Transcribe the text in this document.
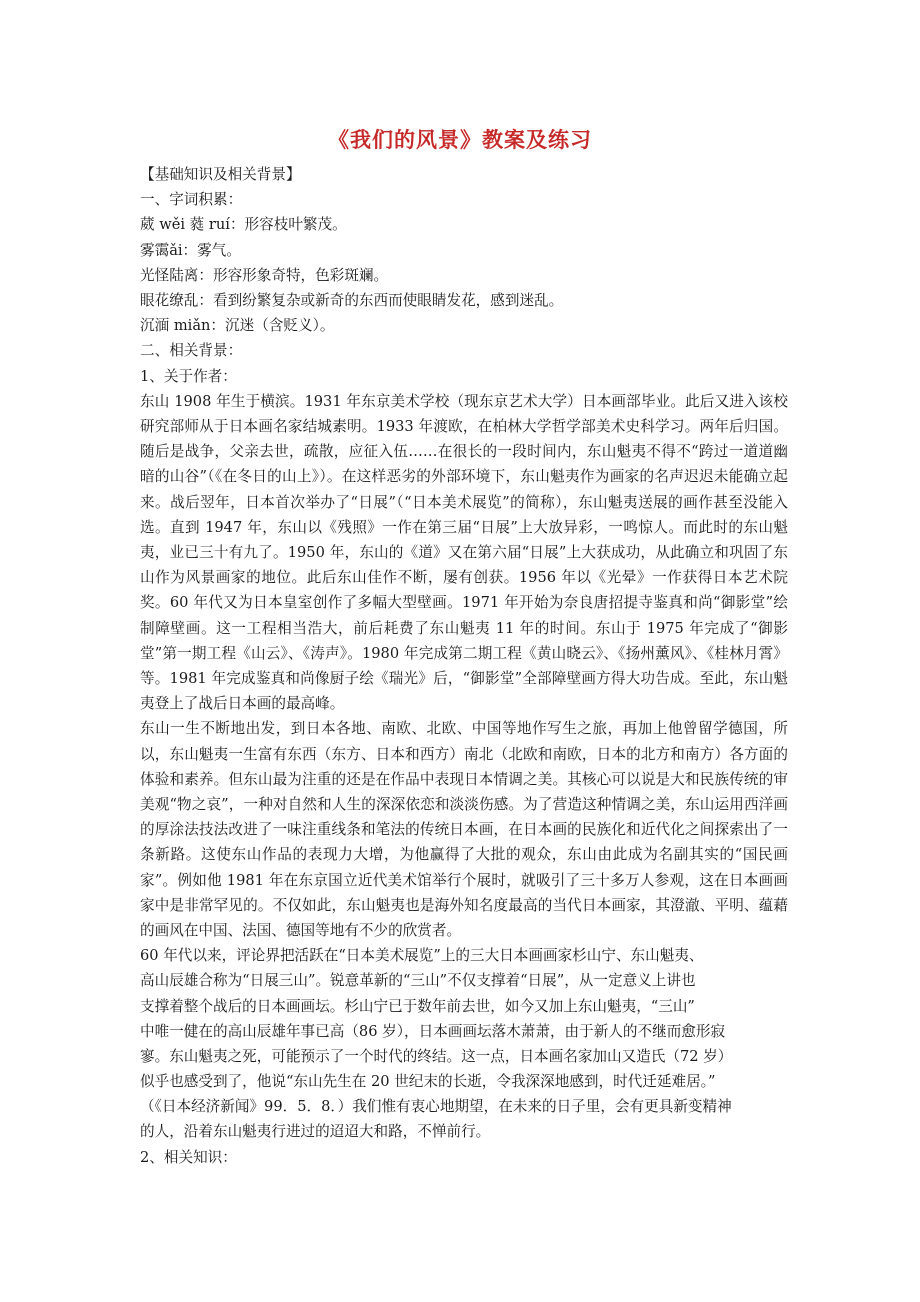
《我们的风景》教案及练习
【基础知识及相关背景】
一、字词积累：
葳 wěi 蕤 ruí：形容枝叶繁茂。
雾霭ǎi：雾气。
光怪陆离：形容形象奇特，色彩斑斓。
眼花缭乱：看到纷繁复杂或新奇的东西而使眼睛发花，感到迷乱。
沉湎 miǎn：沉迷（含贬义）。
二、相关背景：
1、关于作者：
东山 1908 年生于横滨。1931 年东京美术学校（现东京艺术大学）日本画部毕业。此后又进入该校研究部师从于日本画名家结城素明。1933 年渡欧，在柏林大学哲学部美术史科学习。两年后归国。随后是战争，父亲去世，疏散，应征入伍……在很长的一段时间内，东山魁夷不得不“跨过一道道幽暗的山谷”（《在冬日的山上》）。在这样恶劣的外部环境下，东山魁夷作为画家的名声迟迟未能确立起来。战后翌年，日本首次举办了“日展”（“日本美术展览”的简称），东山魁夷送展的画作甚至没能入选。直到 1947 年，东山以《残照》一作在第三届“日展”上大放异彩，一鸣惊人。而此时的东山魁夷，业已三十有九了。1950 年，东山的《道》又在第六届“日展”上大获成功，从此确立和巩固了东山作为风景画家的地位。此后东山佳作不断，屡有创获。1956 年以《光晕》一作获得日本艺术院奖。60 年代又为日本皇室创作了多幅大型壁画。1971 年开始为奈良唐招提寺鉴真和尚“御影堂”绘制障壁画。这一工程相当浩大，前后耗费了东山魁夷 11 年的时间。东山于 1975 年完成了“御影堂”第一期工程《山云》、《涛声》。1980 年完成第二期工程《黄山晓云》、《扬州薰风》、《桂林月霄》等。1981 年完成鉴真和尚像厨子绘《瑞光》后，“御影堂”全部障壁画方得大功告成。至此，东山魁夷登上了战后日本画的最高峰。
东山一生不断地出发，到日本各地、南欧、北欧、中国等地作写生之旅，再加上他曾留学德国，所以，东山魁夷一生富有东西（东方、日本和西方）南北（北欧和南欧，日本的北方和南方）各方面的体验和素养。但东山最为注重的还是在作品中表现日本情调之美。其核心可以说是大和民族传统的审美观“物之哀”，一种对自然和人生的深深依恋和淡淡伤感。为了营造这种情调之美，东山运用西洋画的厚涂法技法改进了一味注重线条和笔法的传统日本画，在日本画的民族化和近代化之间探索出了一条新路。这使东山作品的表现力大增，为他赢得了大批的观众，东山由此成为名副其实的“国民画家”。例如他 1981 年在东京国立近代美术馆举行个展时，就吸引了三十多万人参观，这在日本画画家中是非常罕见的。不仅如此，东山魁夷也是海外知名度最高的当代日本画家，其澄澈、平明、蕴藉的画风在中国、法国、德国等地有不少的欣赏者。
60 年代以来，评论界把活跃在“日本美术展览”上的三大日本画画家杉山宁、东山魁夷、
高山辰雄合称为“日展三山”。锐意革新的“三山”不仅支撑着“日展”，从一定意义上讲也
支撑着整个战后的日本画画坛。杉山宁已于数年前去世，如今又加上东山魁夷，“三山”
中唯一健在的高山辰雄年事已高（86 岁），日本画画坛落木萧萧，由于新人的不继而愈形寂
寥。东山魁夷之死，可能预示了一个时代的终结。这一点，日本画名家加山又造氏（72 岁）
似乎也感受到了，他说“东山先生在 20 世纪末的长逝，令我深深地感到，时代迁延难居。”
（《日本经济新闻》99．5．8．）我们惟有衷心地期望，在未来的日子里，会有更具新变精神
的人，沿着东山魁夷行进过的迢迢大和路，不惮前行。
2、相关知识：
